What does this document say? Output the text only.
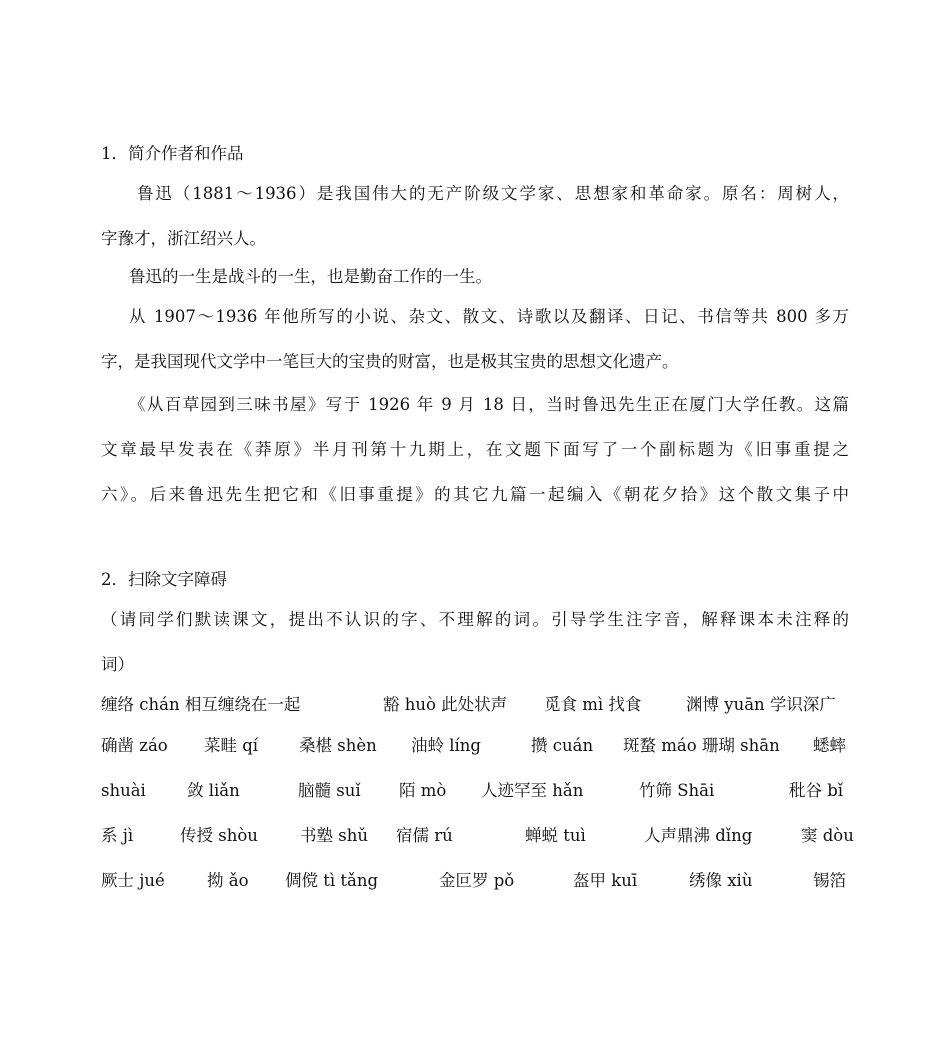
1．简介作者和作品
鲁迅（1881～1936）是我国伟大的无产阶级文学家、思想家和革命家。原名：周树人，
字豫才，浙江绍兴人。
鲁迅的一生是战斗的一生，也是勤奋工作的一生。
从 1907～1936 年他所写的小说、杂文、散文、诗歌以及翻译、日记、书信等共 800 多万
字，是我国现代文学中一笔巨大的宝贵的财富，也是极其宝贵的思想文化遗产。
《从百草园到三味书屋》写于 1926 年 9 月 18 日，当时鲁迅先生正在厦门大学任教。这篇
文章最早发表在《莽原》半月刊第十九期上，在文题下面写了一个副标题为《旧事重提之
六》。后来鲁迅先生把它和《旧事重提》的其它九篇一起编入《朝花夕拾》这个散文集子中
2．扫除文字障碍
（请同学们默读课文，提出不认识的字、不理解的词。引导学生注字音，解释课本未注释的
词）
缠络 chán 相互缠绕在一起	豁 huò 此处状声 觅食 mì 找食	渊博 yuān 学识深广
确凿 záo 菜畦 qí 桑椹 shèn 油蛉 líng	攒 cuán 斑蝥 máo 珊瑚 shān 蟋蟀
shuài 敛 liǎn	脑髓 suǐ 陌 mò 人迹罕至 hǎn	竹筛 Shāi	秕谷 bǐ
系 jì	传授 shòu	书塾 shǔ 宿儒 rú	蝉蜕 tuì	人声鼎沸 dǐng	窦 dòu
厥士 jué	拗 ǎo 倜傥 tì tǎng	金叵罗 pǒ	盔甲 kuī	绣像 xiù	锡箔
